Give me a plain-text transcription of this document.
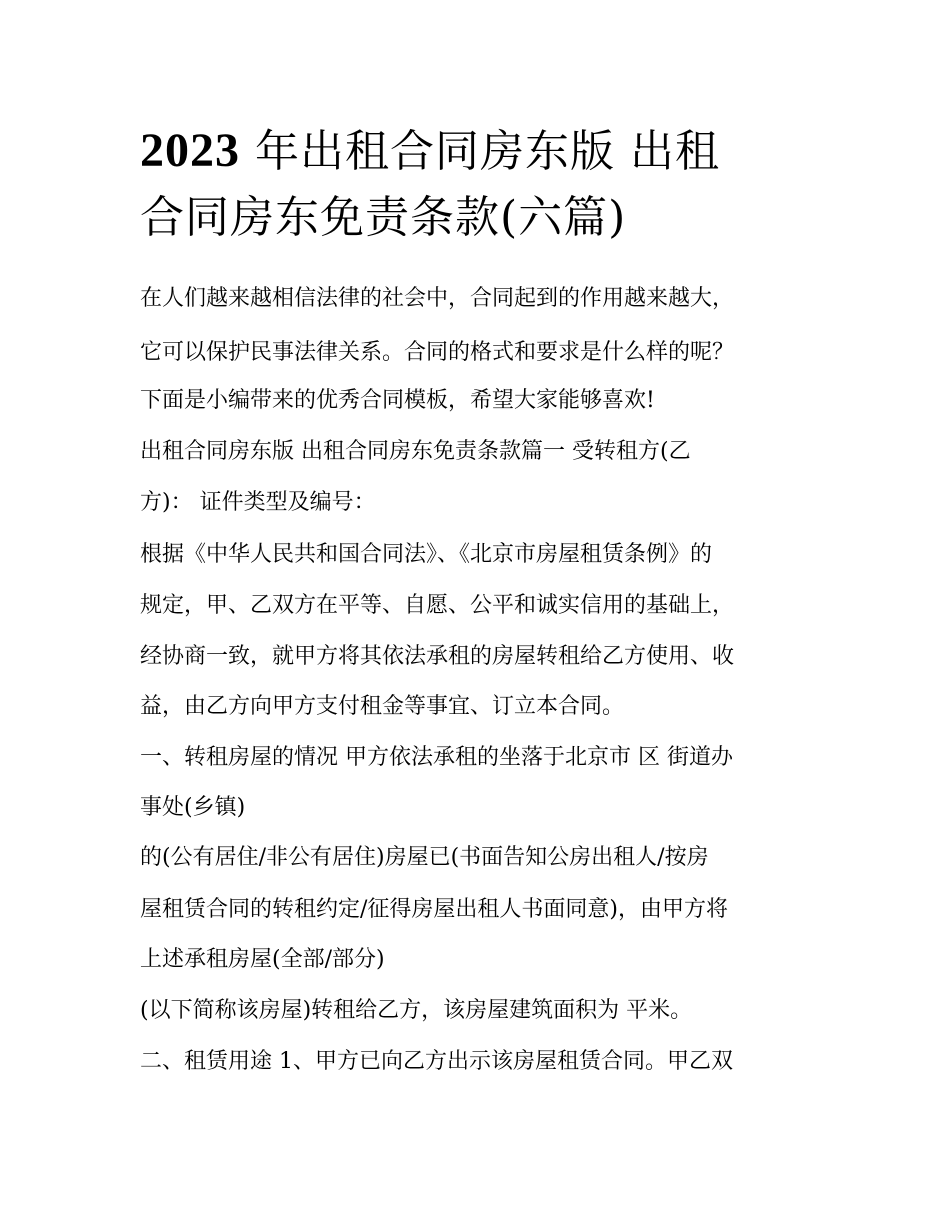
2023 年出租合同房东版 出租
合同房东免责条款(六篇)

在人们越来越相信法律的社会中，合同起到的作用越来越大，

它可以保护民事法律关系。合同的格式和要求是什么样的呢？

下面是小编带来的优秀合同模板，希望大家能够喜欢!

出租合同房东版 出租合同房东免责条款篇一 受转租方(乙

方)： 证件类型及编号：

根据《中华人民共和国合同法》、《北京市房屋租赁条例》的

规定，甲、乙双方在平等、自愿、公平和诚实信用的基础上，

经协商一致，就甲方将其依法承租的房屋转租给乙方使用、收

益，由乙方向甲方支付租金等事宜、订立本合同。

一、转租房屋的情况 甲方依法承租的坐落于北京市 区 街道办

事处(乡镇)

的(公有居住/非公有居住)房屋已(书面告知公房出租人/按房

屋租赁合同的转租约定/征得房屋出租人书面同意)，由甲方将

上述承租房屋(全部/部分)

(以下简称该房屋)转租给乙方，该房屋建筑面积为 平米。

二、租赁用途 1、甲方已向乙方出示该房屋租赁合同。甲乙双
